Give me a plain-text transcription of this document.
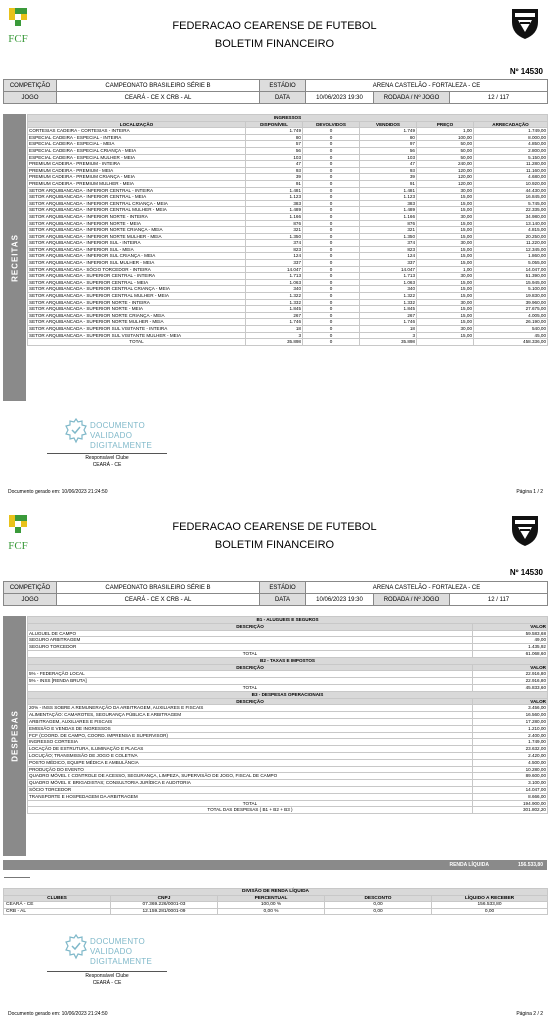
FCF
FEDERACAO CEARENSE DE FUTEBOL
BOLETIM FINANCEIRO
Nº 14530
COMPETIÇÃO	CAMPEONATO BRASILEIRO SÉRIE B	ESTÁDIO	ARENA CASTELÃO - FORTALEZA - CE		
JOGO	CEARÁ - CE X CRB - AL	DATA	10/06/2023 19:30	RODADA / Nº JOGO	12 / 117
RECEITAS
INGRESSOS					
LOCALIZAÇÃO	DISPONÍVEL	DEVOLVIDOS	VENDIDOS	PREÇO	ARRECADAÇÃO
CORTESIAS CADEIRA - CORTESIAS - INTEIRA	1.749	0	1.749	1,00	1.749,00
ESPECIAL CADEIRA - ESPECIAL - INTEIRA	80	0	80	100,00	8.000,00
ESPECIAL CADEIRA - ESPECIAL - MEIA	57	0	97	50,00	4.850,00
ESPECIAL CADEIRA - ESPECIAL CRIANÇA - MEIA	56	0	56	50,00	2.800,00
ESPECIAL CADEIRA - ESPECIAL MULHER - MEIA	103	0	103	50,00	5.150,00
PREMIUM CADEIRA - PREMIUM - INTEIRA	47	0	47	240,00	11.280,00
PREMIUM CADEIRA - PREMIUM - MEIA	93	0	93	120,00	11.160,00
PREMIUM CADEIRA - PREMIUM CRIANÇA - MEIA	39	0	39	120,00	4.680,00
PREMIUM CADEIRA - PREMIUM MULHER - MEIA	91	0	91	120,00	10.920,00
SETOR ARQUIBANCADA - INFERIOR CENTRAL - INTEIRA	1.481	0	1.481	30,00	44.430,00
SETOR ARQUIBANCADA - INFERIOR CENTRAL - MEIA	1.123	0	1.123	15,00	16.845,00
SETOR ARQUIBANCADA - INFERIOR CENTRAL CRIANÇA - MEIA	383	0	383	15,00	5.745,00
SETOR ARQUIBANCADA - INFERIOR CENTRAL MULHER - MEIA	1.489	0	1.489	15,00	22.335,00
SETOR ARQUIBANCADA - INFERIOR NORTE - INTEIRA	1.166	0	1.166	30,00	34.980,00
SETOR ARQUIBANCADA - INFERIOR NORTE - MEIA	876	0	876	15,00	13.140,00
SETOR ARQUIBANCADA - INFERIOR NORTE CRIANÇA - MEIA	321	0	321	15,00	4.815,00
SETOR ARQUIBANCADA - INFERIOR NORTE MULHER - MEIA	1.350	0	1.350	15,00	20.250,00
SETOR ARQUIBANCADA - INFERIOR SUL - INTEIRA	374	0	374	30,00	11.220,00
SETOR ARQUIBANCADA - INFERIOR SUL - MEIA	823	0	823	15,00	12.345,00
SETOR ARQUIBANCADA - INFERIOR SUL CRIANÇA - MEIA	124	0	124	15,00	1.860,00
SETOR ARQUIBANCADA - INFERIOR SUL MULHER - MEIA	337	0	337	15,00	5.055,00
SETOR ARQUIBANCADA - SÓCIO TORCEDOR - INTEIRA	14.047	0	14.047	1,00	14.047,00
SETOR ARQUIBANCADA - SUPERIOR CENTRAL - INTEIRA	1.713	0	1.713	30,00	51.390,00
SETOR ARQUIBANCADA - SUPERIOR CENTRAL - MEIA	1.063	0	1.063	15,00	15.945,00
SETOR ARQUIBANCADA - SUPERIOR CENTRAL CRIANÇA - MEIA	340	0	340	15,00	5.100,00
SETOR ARQUIBANCADA - SUPERIOR CENTRAL MULHER - MEIA	1.322	0	1.322	15,00	19.830,00
SETOR ARQUIBANCADA - SUPERIOR NORTE - INTEIRA	1.332	0	1.332	30,00	39.960,00
SETOR ARQUIBANCADA - SUPERIOR NORTE - MEIA	1.845	0	1.845	15,00	27.675,00
SETOR ARQUIBANCADA - SUPERIOR NORTE CRIANÇA - MEIA	267	0	267	15,00	4.005,00
SETOR ARQUIBANCADA - SUPERIOR NORTE MULHER - MEIA	1.746	0	1.746	15,00	26.190,00
SETOR ARQUIBANCADA - SUPERIOR SUL VISITANTE - INTEIRA	18	0	18	30,00	540,00
SETOR ARQUIBANCADA - SUPERIOR SUL VISITANTE MULHER - MEIA	3	0	3	15,00	45,00
TOTAL	35.898	0	35.898		458.336,00
DOCUMENTO VALIDADO
DIGITALMENTE
Responsável Clube
CEARÁ - CE
Documento gerado em: 10/06/2023 21:24:50	Página 1 / 2
FCF
FEDERACAO CEARENSE DE FUTEBOL
BOLETIM FINANCEIRO
Nº 14530
COMPETIÇÃO	CAMPEONATO BRASILEIRO SÉRIE B	ESTÁDIO	ARENA CASTELÃO - FORTALEZA - CE		
JOGO	CEARÁ - CE X CRB - AL	DATA	10/06/2023 19:30	RODADA / Nº JOGO	12 / 117
DESPESAS
B1 - ALUGUEIS E SEGUROS	
DESCRIÇÃO	VALOR
ALUGUEL DE CAMPO	59.583,68
SEGURO ARBITRAGEM	49,00
SEGURO TORCEDOR	1.435,92
TOTAL	61.068,60
B2 - TAXAS E IMPOSTOS	
DESCRIÇÃO	VALOR
5% - FEDERAÇÃO LOCAL	22.916,80
5% - INSS [RENDA BRUTA]	22.916,80
TOTAL	45.833,60
B3 - DESPESAS OPERACIONAIS	
DESCRIÇÃO	VALOR
20% - INSS SOBRE A REMUNERAÇÃO DA ARBITRAGEM, AUXILIARES E FISCAIS	3.456,00
ALIMENTAÇÃO: CAMAROTES, SEGURANÇA PÚBLICA E ARBITRAGEM	16.560,00
ARBITRAGEM, AUXILIARES E FISCAIS	17.280,00
EMISSÃO E VENDAS DE INGRESSOS	1.210,00
FCF (COORD. DE CAMPO, COORD. IMPRENSA E SUPERVISOR)	2.400,00
INGRESSO CORTESIA	1.749,00
LOCAÇÃO DE ESTRUTURA, ILUMINAÇÃO E PLACAS	23.632,00
LOCUÇÃO; TRANSMISSÃO DE JOGO E COLETIVA	2.420,00
POSTO MÉDICO, EQUIPE MÉDICA E AMBULÂNCIA	4.500,00
PRODUÇÃO DO EVENTO	10.280,00
QUADRO MÓVEL I: CONTROLE DE ACESSO, SEGURANÇA, LIMPEZA, SUPERVISÃO DE JOGO, FISCAL DE CAMPO	89.600,00
QUADRO MÓVEL II: BRIGADISTAS; CONSULTORIA JURÍDICA E AUDITORIA	3.100,00
SÓCIO TORCEDOR	14.047,00
TRANSPORTE E HOSPEDAGEM DA ARBITRAGEM	8.666,00
TOTAL	194.900,00
TOTAL DAS DESPESAS ( B1 + B2 + B3 )	301.802,20
RENDA LÍQUIDA	156.533,80
DIVISÃO DE RENDA LÍQUIDA				
CLUBES	CNPJ	PERCENTUAL	DESCONTO	LÍQUIDO A RECEBER
CEARÁ - CE	07.369.226/0001-03	100,00 %	0,00	156.533,80
CRB - AL	12.159.281/0001-09	0,00 %	0,00	0,00
DOCUMENTO VALIDADO
DIGITALMENTE
Responsável Clube
CEARÁ - CE
Documento gerado em: 10/06/2023 21:24:50	Página 2 / 2
